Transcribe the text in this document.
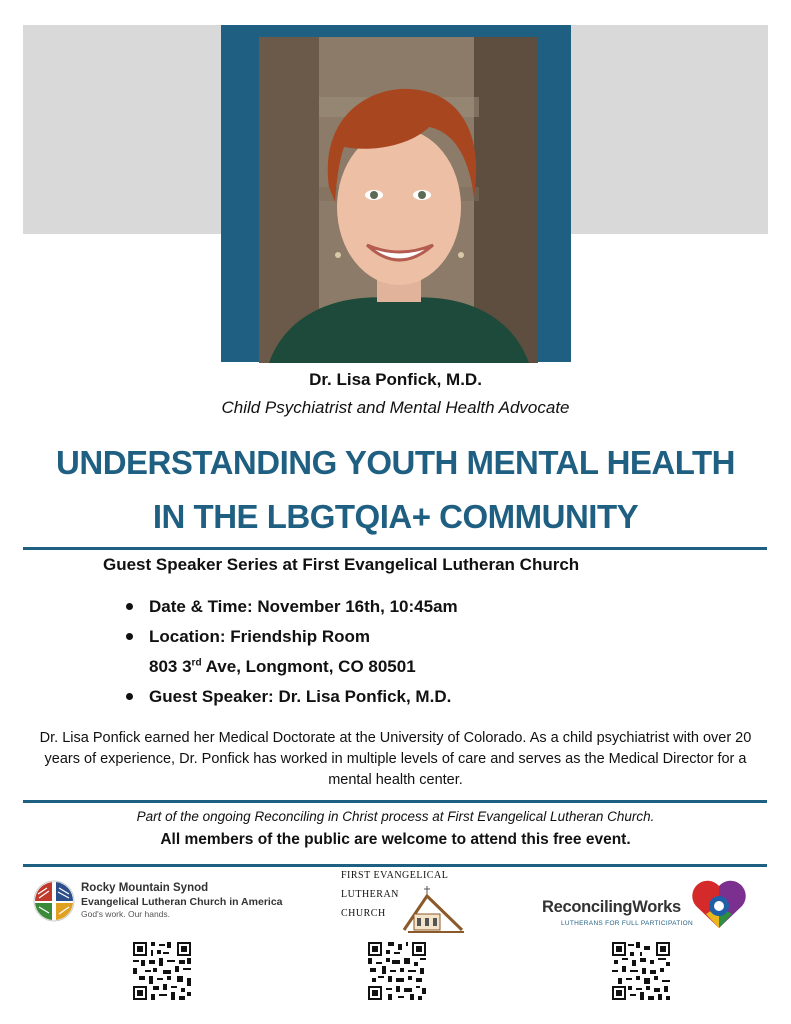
Dr. Lisa Ponfick, M.D.
Child Psychiatrist and Mental Health Advocate
UNDERSTANDING YOUTH MENTAL HEALTH
IN THE LBGTQIA+ COMMUNITY
Guest Speaker Series at First Evangelical Lutheran Church
Date & Time: November 16th, 10:45am
Location: Friendship Room
803 3rd Ave, Longmont, CO 80501
Guest Speaker: Dr. Lisa Ponfick, M.D.
Dr. Lisa Ponfick earned her Medical Doctorate at the University of Colorado. As a child psychiatrist with over 20 years of experience, Dr. Ponfick has worked in multiple levels of care and serves as the Medical Director for a mental health center.
Part of the ongoing Reconciling in Christ process at First Evangelical Lutheran Church.
All members of the public are welcome to attend this free event.
Rocky Mountain Synod
Evangelical Lutheran Church in America
God's work. Our hands.
FIRST EVANGELICAL
LUTHERAN
CHURCH	ReconcilingWorks
LUTHERANS FOR FULL PARTICIPATION
